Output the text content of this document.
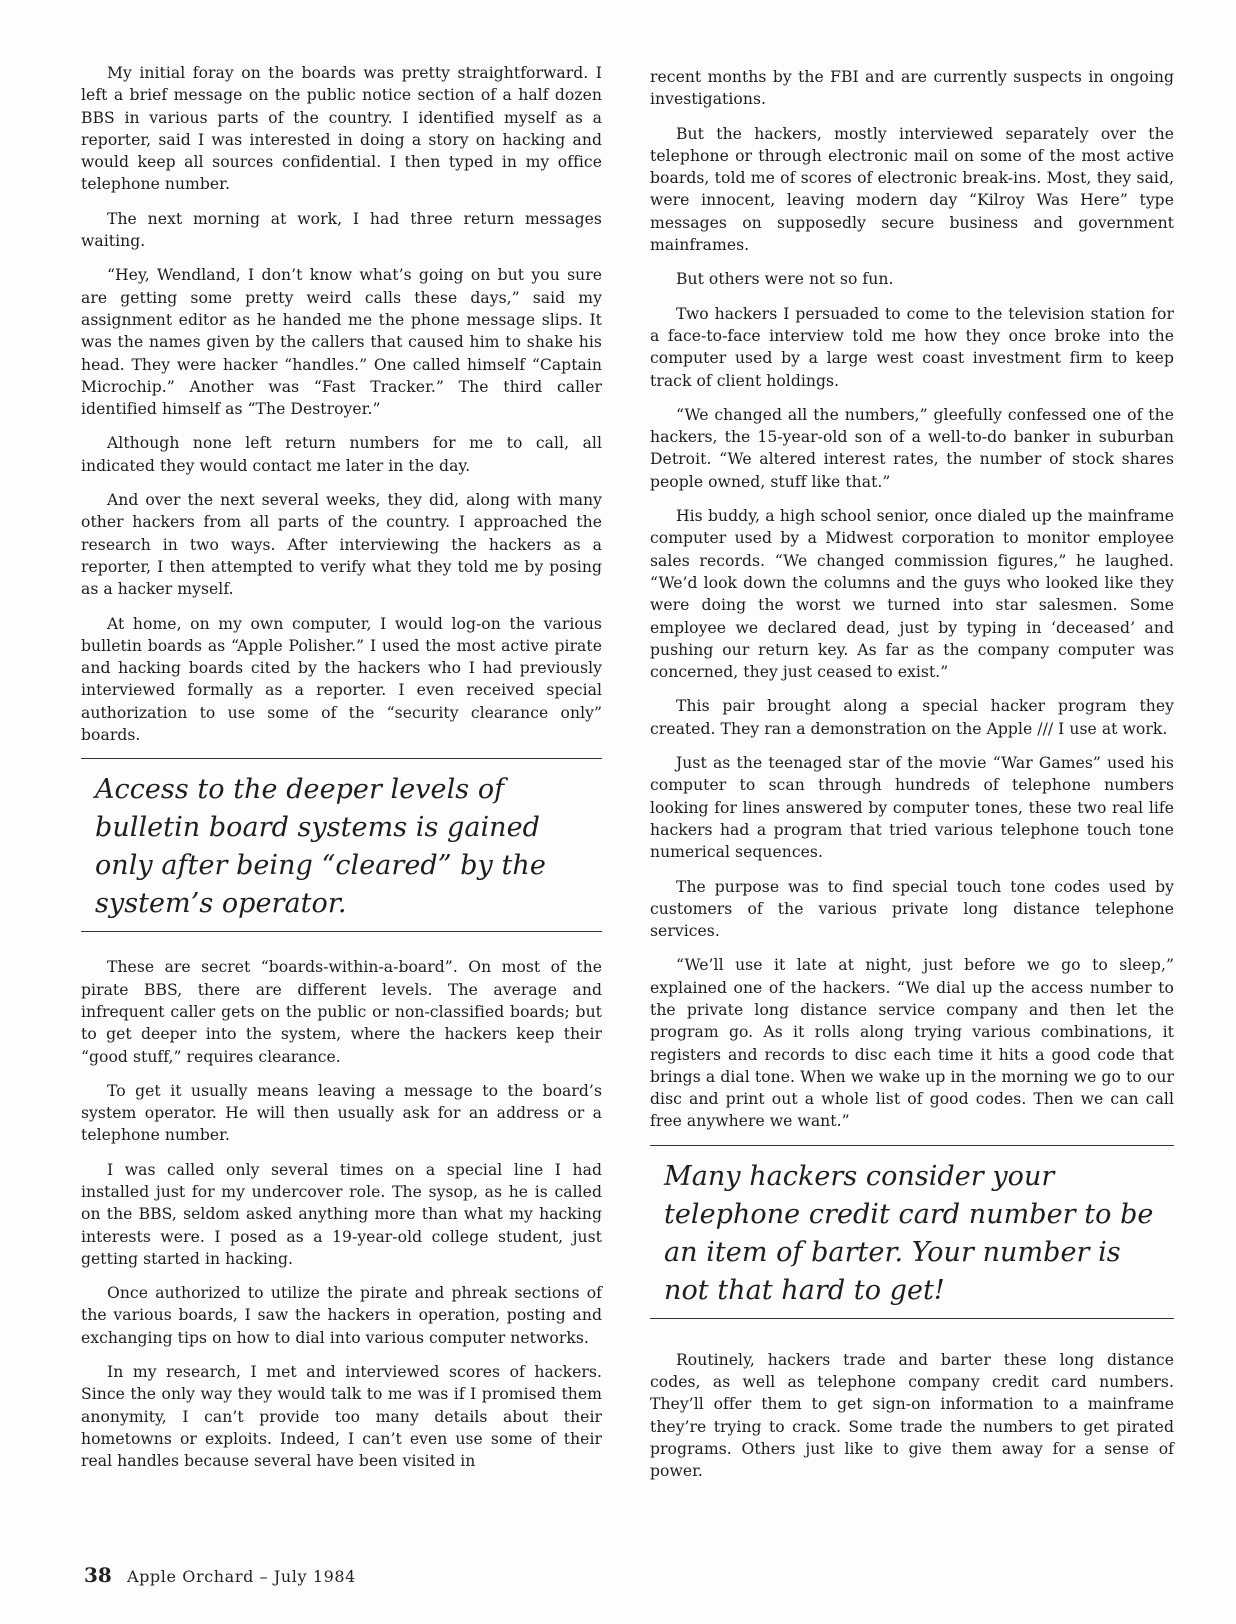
My initial foray on the boards was pretty straightforward. I left a brief message on the public notice section of a half dozen BBS in various parts of the country. I identified myself as a reporter, said I was interested in doing a story on hacking and would keep all sources confidential. I then typed in my office telephone number.

The next morning at work, I had three return messages waiting.

“Hey, Wendland, I don’t know what’s going on but you sure are getting some pretty weird calls these days,” said my assignment editor as he handed me the phone message slips. It was the names given by the callers that caused him to shake his head. They were hacker “handles.” One called himself “Captain Microchip.” Another was “Fast Tracker.” The third caller identified himself as “The Destroyer.”

Although none left return numbers for me to call, all indicated they would contact me later in the day.

And over the next several weeks, they did, along with many other hackers from all parts of the country. I approached the research in two ways. After interviewing the hackers as a reporter, I then attempted to verify what they told me by posing as a hacker myself.

At home, on my own computer, I would log-on the various bulletin boards as “Apple Polisher.” I used the most active pirate and hacking boards cited by the hackers who I had previously interviewed formally as a reporter. I even received special authorization to use some of the “security clearance only” boards.

Access to the deeper levels of bulletin board systems is gained only after being “cleared” by the system’s operator.

These are secret “boards-within-a-board”. On most of the pirate BBS, there are different levels. The average and infrequent caller gets on the public or non-classified boards; but to get deeper into the system, where the hackers keep their “good stuff,” requires clearance.

To get it usually means leaving a message to the board’s system operator. He will then usually ask for an address or a telephone number.

I was called only several times on a special line I had installed just for my undercover role. The sysop, as he is called on the BBS, seldom asked anything more than what my hacking interests were. I posed as a 19-year-old college student, just getting started in hacking.

Once authorized to utilize the pirate and phreak sections of the various boards, I saw the hackers in operation, posting and exchanging tips on how to dial into various computer networks.

In my research, I met and interviewed scores of hackers. Since the only way they would talk to me was if I promised them anonymity, I can’t provide too many details about their hometowns or exploits. Indeed, I can’t even use some of their real handles because several have been visited in

recent months by the FBI and are currently suspects in ongoing investigations.

But the hackers, mostly interviewed separately over the telephone or through electronic mail on some of the most active boards, told me of scores of electronic break-ins. Most, they said, were innocent, leaving modern day “Kilroy Was Here” type messages on supposedly secure business and government mainframes.

But others were not so fun.

Two hackers I persuaded to come to the television station for a face-to-face interview told me how they once broke into the computer used by a large west coast investment firm to keep track of client holdings.

“We changed all the numbers,” gleefully confessed one of the hackers, the 15-year-old son of a well-to-do banker in suburban Detroit. “We altered interest rates, the number of stock shares people owned, stuff like that.”

His buddy, a high school senior, once dialed up the mainframe computer used by a Midwest corporation to monitor employee sales records. “We changed commission figures,” he laughed. “We’d look down the columns and the guys who looked like they were doing the worst we turned into star salesmen. Some employee we declared dead, just by typing in ‘deceased’ and pushing our return key. As far as the company computer was concerned, they just ceased to exist.”

This pair brought along a special hacker program they created. They ran a demonstration on the Apple /// I use at work.

Just as the teenaged star of the movie “War Games” used his computer to scan through hundreds of telephone numbers looking for lines answered by computer tones, these two real life hackers had a program that tried various telephone touch tone numerical sequences.

The purpose was to find special touch tone codes used by customers of the various private long distance telephone services.

“We’ll use it late at night, just before we go to sleep,” explained one of the hackers. “We dial up the access number to the private long distance service company and then let the program go. As it rolls along trying various combinations, it registers and records to disc each time it hits a good code that brings a dial tone. When we wake up in the morning we go to our disc and print out a whole list of good codes. Then we can call free anywhere we want.”

Many hackers consider your telephone credit card number to be an item of barter. Your number is not that hard to get!

Routinely, hackers trade and barter these long distance codes, as well as telephone company credit card numbers. They’ll offer them to get sign-on information to a mainframe they’re trying to crack. Some trade the numbers to get pirated programs. Others just like to give them away for a sense of power.

38 Apple Orchard – July 1984
